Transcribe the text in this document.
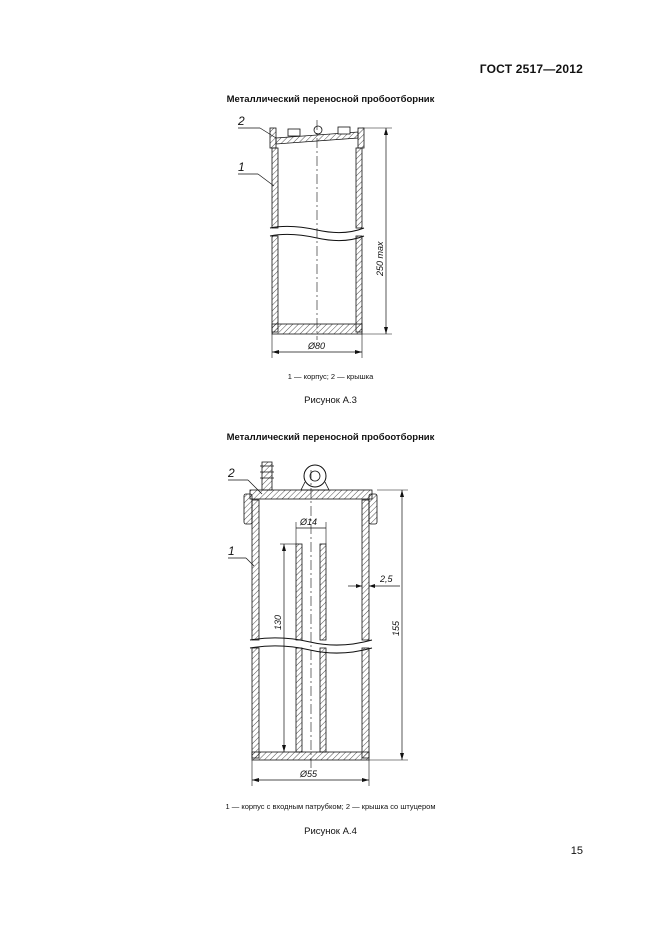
ГОСТ 2517—2012
Металлический переносной пробоотборник
2
1
250 max
Ø80
1 — корпус; 2 — крышка
Рисунок А.3
Металлический переносной пробоотборник
2
1
Ø14
2,5
130	155
Ø55
1 — корпус с входным патрубком; 2 — крышка со штуцером
Рисунок А.4
15
